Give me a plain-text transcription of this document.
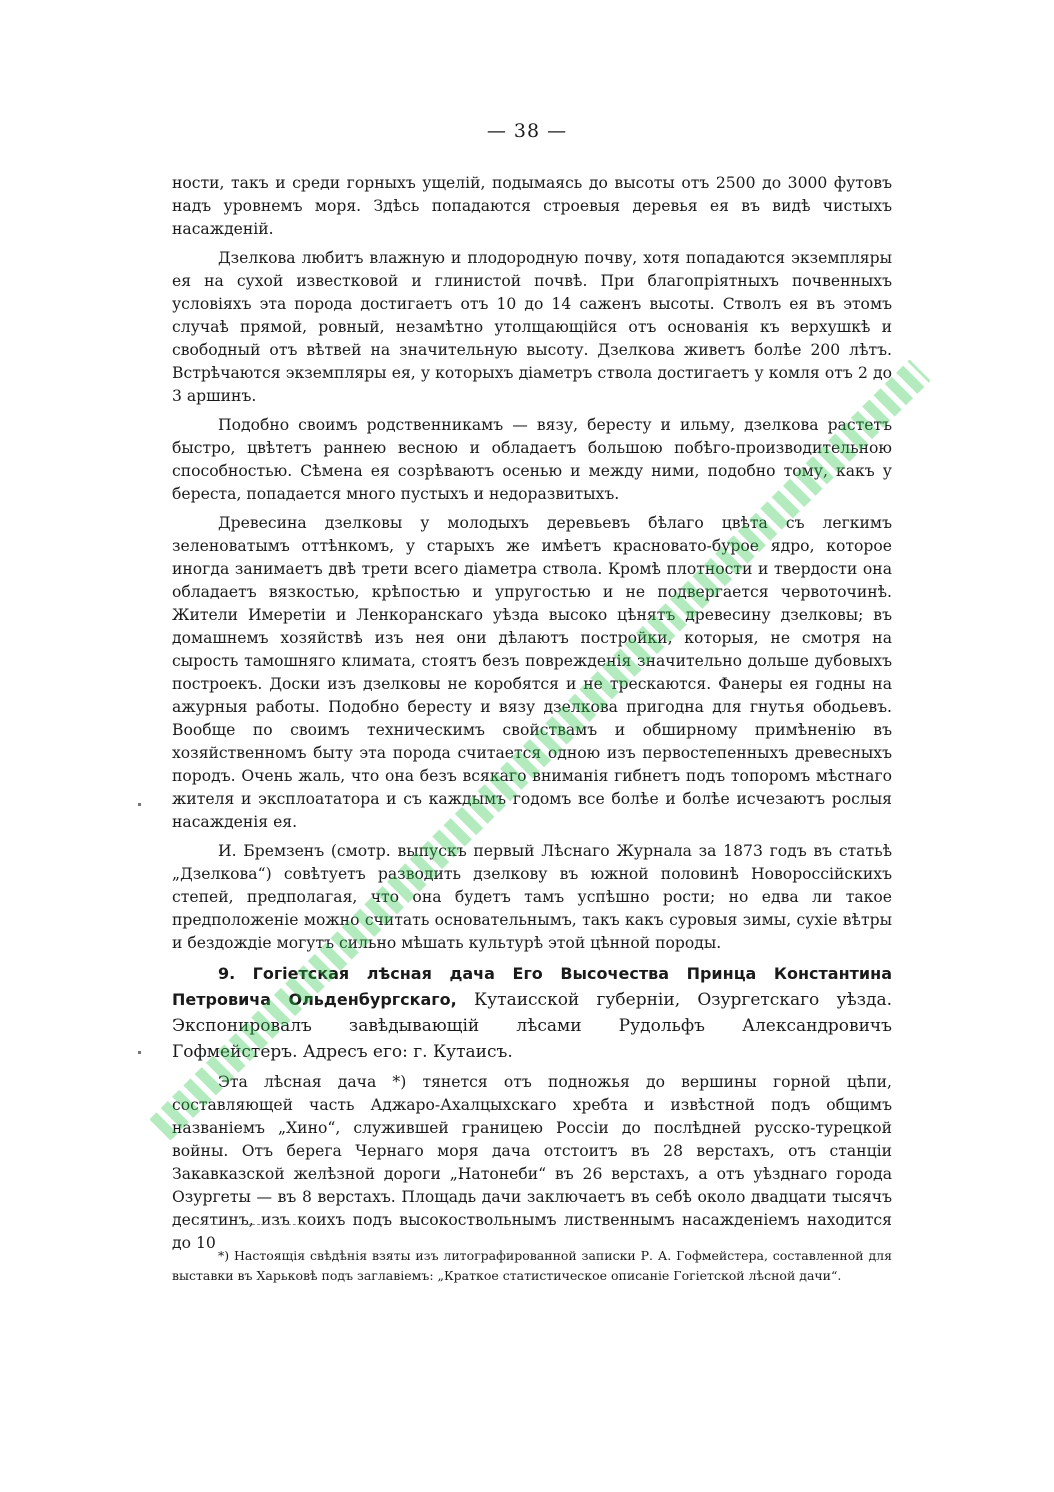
— 38 —

ности, такъ и среди горныхъ ущелій, подымаясь до высоты отъ 2500 до 3000 футовъ надъ уровнемъ моря. Здѣсь попадаются строевыя деревья ея въ видѣ чистыхъ насажденій.

Дзелкова любитъ влажную и плодородную почву, хотя попадаются экземпляры ея на сухой известковой и глинистой почвѣ. При благопріятныхъ почвенныхъ условіяхъ эта порода достигаетъ отъ 10 до 14 саженъ высоты. Стволъ ея въ этомъ случаѣ прямой, ровный, незамѣтно утолщающійся отъ основанія къ верхушкѣ и свободный отъ вѣтвей на значительную высоту. Дзелкова живетъ болѣе 200 лѣтъ. Встрѣчаются экземпляры ея, у которыхъ діаметръ ствола достигаетъ у комля отъ 2 до 3 аршинъ.

Подобно своимъ родственникамъ — вязу, бересту и ильму, дзелкова растетъ быстро, цвѣтетъ раннею весною и обладаетъ большою побѣго-производительною способностью. Сѣмена ея созрѣваютъ осенью и между ними, подобно тому, какъ у береста, попадается много пустыхъ и недоразвитыхъ.

Древесина дзелковы у молодыхъ деревьевъ бѣлаго цвѣта съ легкимъ зеленоватымъ оттѣнкомъ, у старыхъ же имѣетъ красновато-бурое ядро, которое иногда занимаетъ двѣ трети всего діаметра ствола. Кромѣ плотности и твердости она обладаетъ вязкостью, крѣпостью и упругостью и не подвергается червоточинѣ. Жители Имеретіи и Ленкоранскаго уѣзда высоко цѣнятъ древесину дзелковы; въ домашнемъ хозяйствѣ изъ нея они дѣлаютъ постройки, которыя, не смотря на сырость тамошняго климата, стоятъ безъ поврежденія значительно дольше дубовыхъ построекъ. Доски изъ дзелковы не коробятся и не трескаются. Фанеры ея годны на ажурныя работы. Подобно бересту и вязу дзелкова пригодна для гнутья ободьевъ. Вообще по своимъ техническимъ свойствамъ и обширному примѣненію въ хозяйственномъ быту эта порода считается одною изъ первостепенныхъ древесныхъ породъ. Очень жаль, что она безъ всякаго вниманія гибнетъ подъ топоромъ мѣстнаго жителя и эксплоататора и съ каждымъ годомъ все болѣе и болѣе исчезаютъ рослыя насажденія ея.

И. Бремзенъ (смотр. выпускъ первый Лѣснаго Журнала за 1873 годъ въ статьѣ „Дзелкова“) совѣтуетъ разводить дзелкову въ южной половинѣ Новороссійскихъ степей, предполагая, что она будетъ тамъ успѣшно рости; но едва ли такое предположеніе можно считать основательнымъ, такъ какъ суровыя зимы, сухіе вѣтры и бездождіе могутъ сильно мѣшать культурѣ этой цѣнной породы.

9. Гогіетская лѣсная дача Его Высочества Принца Константина Петровича Ольденбургскаго, Кутаисской губерніи, Озургетскаго уѣзда. Экспонировалъ завѣдывающій лѣсами Рудольфъ Александровичъ Гофмейстеръ. Адресъ его: г. Кутаисъ.

Эта лѣсная дача *) тянется отъ подножья до вершины горной цѣпи, составляющей часть Аджаро-Ахалцыхскаго хребта и извѣстной подъ общимъ названіемъ „Хино“, служившей границею Россіи до послѣдней русско-турецкой войны. Отъ берега Чернаго моря дача отстоитъ въ 28 верстахъ, отъ станціи Закавказской желѣзной дороги „Натонеби“ въ 26 верстахъ, а отъ уѣзднаго города Озургеты — въ 8 верстахъ. Площадь дачи заключаетъ въ себѣ около двадцати тысячъ десятинъ, изъ коихъ подъ высокоствольнымъ лиственнымъ насажденіемъ находится до 10

*) Настоящія свѣдѣнія взяты изъ литографированной записки Р. А. Гофмейстера, составленной для выставки въ Харьковѣ подъ заглавіемъ: „Краткое статистическое описаніе Гогіетской лѣсной дачи“.
